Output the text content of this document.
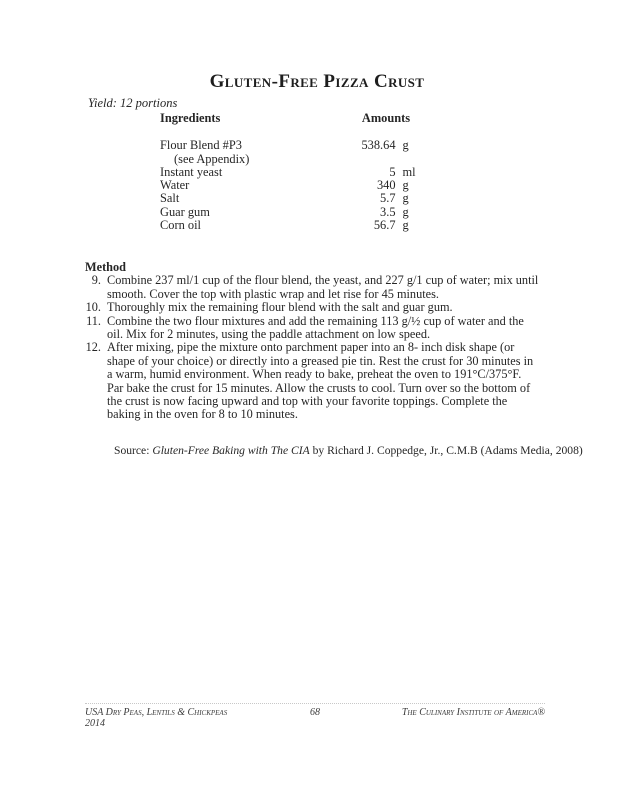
Gluten-Free Pizza Crust
Yield: 12 portions
Ingredients	Amounts
Flour Blend #P3	538.64 g
(see Appendix)
Instant yeast	5 ml
Water	340 g
Salt	5.7 g
Guar gum	3.5 g
Corn oil	56.7 g
Method
9. Combine 237 ml/1 cup of the flour blend, the yeast, and 227 g/1 cup of water; mix until smooth. Cover the top with plastic wrap and let rise for 45 minutes.
10. Thoroughly mix the remaining flour blend with the salt and guar gum.
11. Combine the two flour mixtures and add the remaining 113 g/½ cup of water and the oil. Mix for 2 minutes, using the paddle attachment on low speed.
12. After mixing, pipe the mixture onto parchment paper into an 8- inch disk shape (or shape of your choice) or directly into a greased pie tin. Rest the crust for 30 minutes in a warm, humid environment. When ready to bake, preheat the oven to 191°C/375°F. Par bake the crust for 15 minutes. Allow the crusts to cool. Turn over so the bottom of the crust is now facing upward and top with your favorite toppings. Complete the baking in the oven for 8 to 10 minutes.
Source: Gluten-Free Baking with The CIA by Richard J. Coppedge, Jr., C.M.B (Adams Media, 2008)
USA Dry Peas, Lentils & Chickpeas
2014
68	The Culinary Institute of America®
